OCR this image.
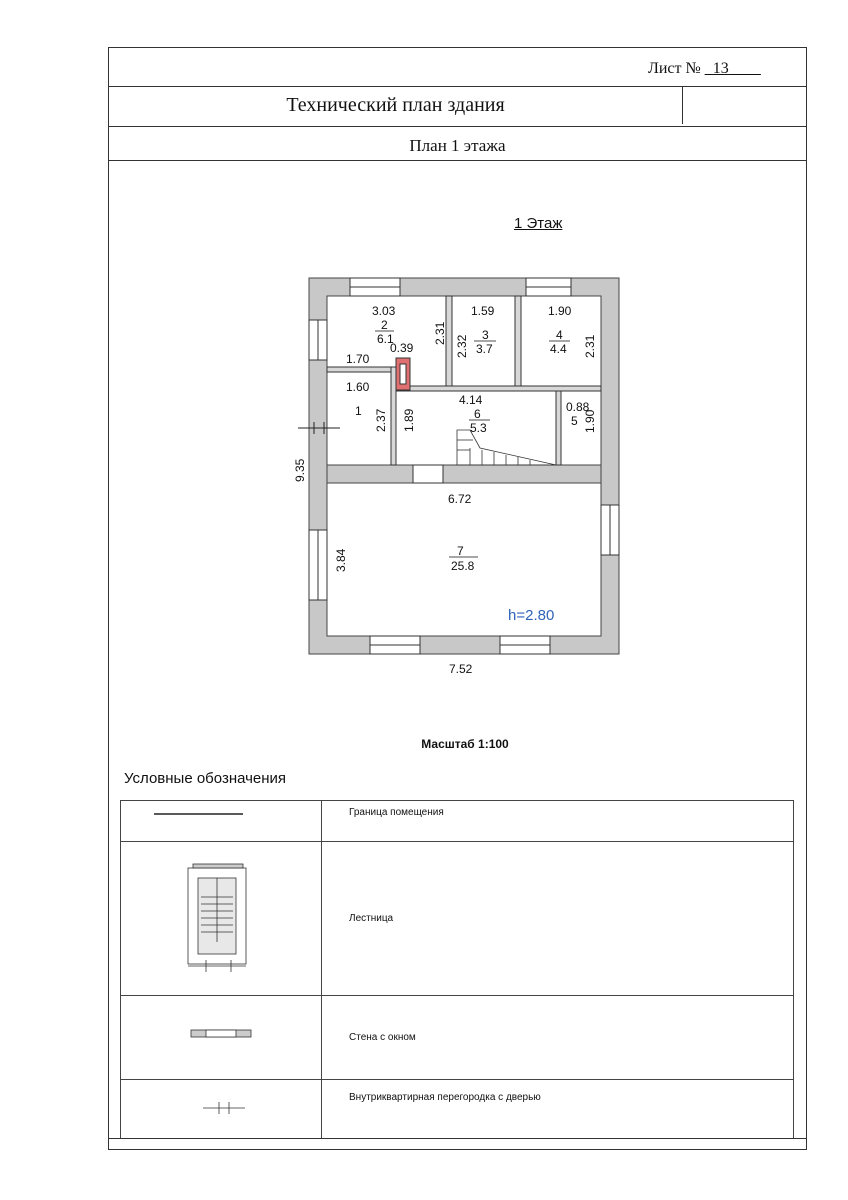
Лист № _13____
Технический план здания
План 1 этажа
1 Этаж
3.03
2
6.1	2.31
1.70
0.39
1.59
2.32 3
3.7
1.90
4
4.4 2.31
1.60
1 2.37
4.14
6
5.3
1.89
0.88
5 1.90
6.72
7
25.8
3.84
h=2.80
9.35
7.52
Масштаб 1:100
Условные обозначения
	Граница помещения
	Лестница
	Стена с окном
	Внутриквартирная перегородка с дверью
